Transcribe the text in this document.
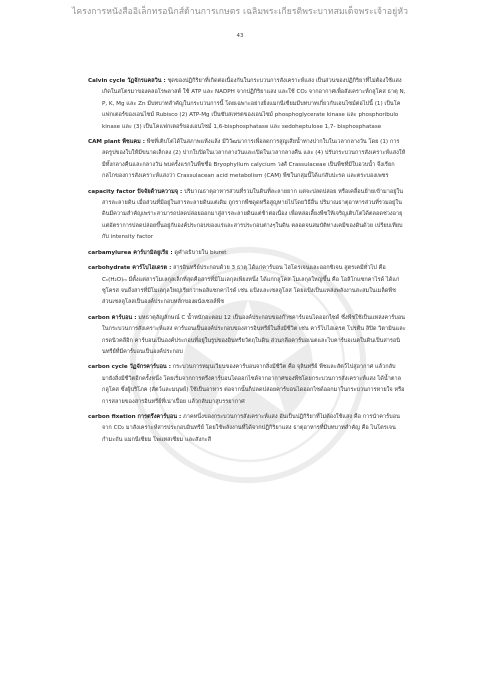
ไครงการหนังสืออิเล็กทรอนิกส์ด้านการเกษตร เฉลิมพระเกียรติพระบาทสมเด็จพระเจ้าอยู่หัว
43

Calvin cycle วัฏจักรแคลวิน : ชุดของปฏิกิริยาที่เกิดต่อเนื่องกันในกระบวนการสังเคราะห์แสง เป็นส่วนของปฏิกิริยาที่ไม่ต้องใช้แสง เกิดในสโตรมาของคลอโรพลาสต์ ใช้ ATP และ NADPH จากปฏิกิริยาแสง และใช้ CO₂ จากอากาศเพื่อสังเคราะห์กลูโคส ธาตุ N, P, K, Mg และ Zn มีบทบาทสำคัญในกระบวนการนี้ โดยเฉพาะอย่างยิ่งแมกนีเซียมมีบทบาทเกี่ยวกับเอนไซม์ต่อไปนี้ (1) เป็นโคแฟกเตอร์ของเอนไซม์ Rubisco (2) ATP-Mg เป็นซับสเทรตของเอนไซม์ phosphoglycerate kinase และ phosphoribulo kinase และ (3) เป็นโคแฟกเตอร์ของเอนไซม์ 1,6-bisphosphatase และ sedoheptulose 1,7- bisphosphatase

CAM plant พืชแคม : พืชที่เติบโตได้ในสภาพแห้งแล้ง มีวิวัฒนาการเพื่อลดการสูญเสียน้ำทางปากใบในเวลากลางวัน โดย (1) การลดรูปของใบให้มีขนาดเล็กลง (2) ปากใบปิดในเวลากลางวันและเปิดในเวลากลางคืน และ (4) ปรับกระบวนการสังเคราะห์แสงให้มีทั้งกลางคืนและกลางวัน พบครั้งแรกในพืชชื่อ Bryophyllum calycium วงศ์ Crassulaceae เป็นพืชที่มีใบอวบน้ำ จึงเรียกกลไกของการสังเคราะห์แสงว่า Crassulacean acid metabolism (CAM) พืชในกลุ่มนี้ได้แก่สับปะรด และตระบองเพชร

capacity factor ปัจจัยด้านความจุ : ปริมาณธาตุอาหารส่วนที่รวมในดินที่ละลายยาก แต่จะปลดปล่อย หรือเคลื่อนย้ายเข้ามาอยู่ในสารละลายดิน เมื่อส่วนที่มีอยู่ในสารละลายดินแต่เดิม ถูกรากพืชดูดหรือสูญหายไปโดยวิธีอื่น ปริมาณธาตุอาหารส่วนที่รวมอยู่ในดินมีความสำคัญเพราะสามารถปลดปล่อยออกมาสู่สารละลายดินแต่ช้าต่อเนื่อง เพื่อหล่อเลี้ยงพืชให้เจริญเติบโตได้ตลอดช่วงอายุ แต่อัตราการปลดปล่อยขึ้นอยู่กับองค์ประกอบของแร่และสารประกอบต่างๆในดิน ตลอดจนสมบัติทางเคมีของดินด้วย เปรียบเทียบกับ intensity factor

carbamylurea คาร์บามิลยูเรีย : ดูคำอธิบายใน biuret

carbohydrate คาร์โบไฮเดรต : สารอินทรีย์ประกอบด้วย 3 ธาตุ ได้แก่คาร์บอน ไฮโดรเจนและออกซิเจน สูตรเคมีทั่วไป คือ Cₙ(H₂O)ₘ มีตั้งแต่สารโมเลกุลเล็กที่สุดคือสารที่มีโมเลกุลเพียงหนึ่ง ได้แก่กลูโคส โมเลกุลใหญ่ขึ้น คือ โอลิโกแซกคาไรด์ ได้แก่ซูโครส จนถึงสารที่มีโมเลกุลใหญ่เรียกว่าพอลิแซกคาไรด์ เช่น แป้งและเซลลูโลส โดยแป้งเป็นแหล่งพลังงานสะสมในเมล็ดพืช ส่วนเซลลูโลสเป็นองค์ประกอบหลักของผนังเซลล์พืช

carbon คาร์บอน : มหธาตุสัญลักษณ์ C น้ำหนักอะตอม 12 เป็นองค์ประกอบของก๊าซคาร์บอนไดออกไซด์ ซึ่งพืชใช้เป็นแหล่งคาร์บอนในกระบวนการสังเคราะห์แสง คาร์บอนเป็นองค์ประกอบของสารอินทรีย์ในสิ่งมีชีวิต เช่น คาร์โบไฮเดรต โปรตีน ลิปิด วิตามินและกรดนิวคลีอิก คาร์บอนเป็นองค์ประกอบที่อยู่ในรูปของอินทรียวัตถุในดิน ส่วนกลีอคาร์บอเนตและไบคาร์บอเนตในดินเป็นสารอนินทรีย์ที่มีคาร์บอนเป็นองค์ประกอบ

carbon cycle วัฏจักรคาร์บอน : กระบวนการหมุนเวียนของคาร์บอนจากสิ่งมีชีวิต คือ จุลินทรีย์ พืชและสัตว์ไปสู่อากาศ แล้วกลับมายังสิ่งมีชีวิตอีกครั้งหนึ่ง โดยเริ่มจากการตรึงคาร์บอนไดออกไซด์จากอากาศของพืชโดยกระบวนการสังเคราะห์แสง ได้น้ำตาลกลูโคส ซึ่งผู้บริโภค (สัตว์และมนุษย์) ใช้เป็นอาหาร ต่อจากนั้นก็ปลดปล่อยคาร์บอนไดออกไซด์ออกมาในกระบวนการหายใจ หรือการสลายของสารอินทรีย์ที่เน่าเปื่อย แล้วกลับมาสู่บรรยากาศ

carbon fixation การตรึงคาร์บอน : ภาคหนึ่งของกระบวนการสังเคราะห์แสง อันเป็นปฏิกิริยาที่ไม่ต้องใช้แสง คือ การนำคาร์บอนจาก CO₂ มาสังเคราะห์สารประกอบอินทรีย์ โดยใช้พลังงานที่ได้จากปฏิกิริยาแสง ธาตุอาหารที่มีบทบาทสำคัญ คือ ไนโตรเจน กำมะถัน แมกนีเซียม โพแทสเซียม และสังกะสี
